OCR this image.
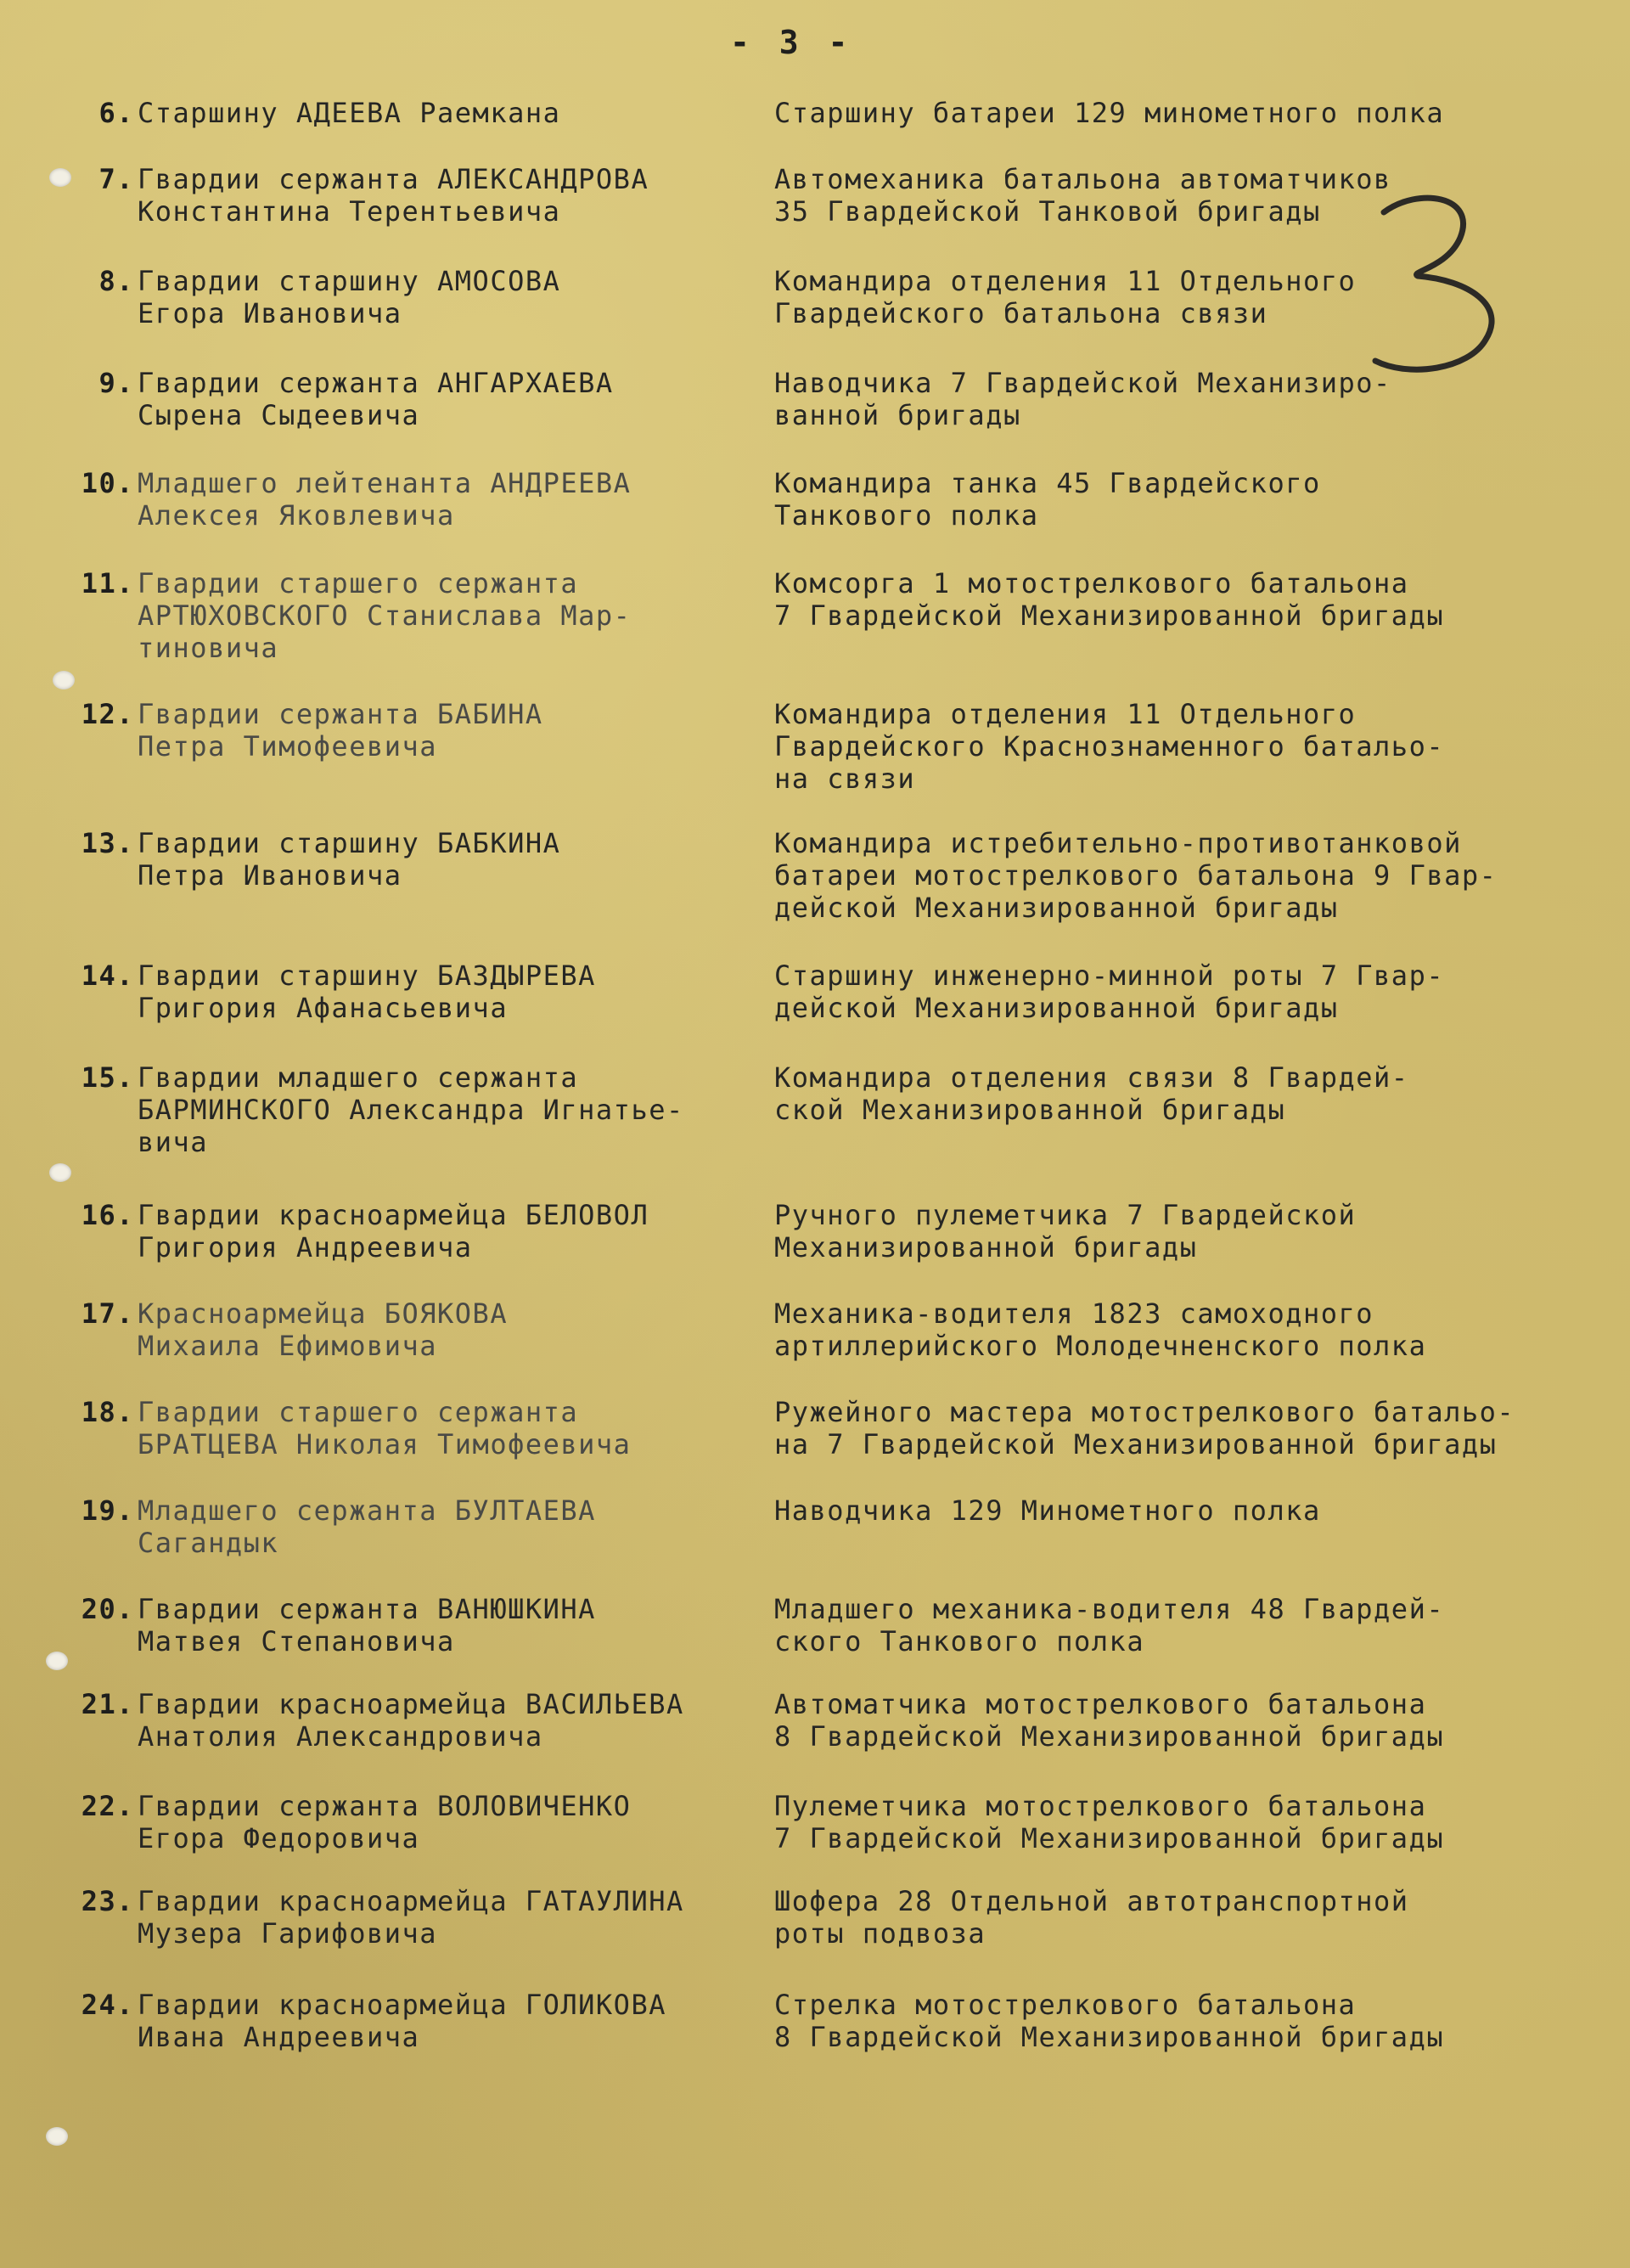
- 3 -
6. Старшину АДЕЕВА Раемкана	Старшину батареи 129 минометного полка
7. Гвардии сержанта АЛЕКСАНДРОВА
Константина Терентьевича
Автомеханика батальона автоматчиков
35 Гвардейской Танковой бригады
8. Гвардии старшину АМОСОВА
Егора Ивановича
Командира отделения 11 Отдельного
Гвардейского батальона связи
9. Гвардии сержанта АНГАРХАЕВА
Сырена Сыдеевича
Наводчика 7 Гвардейской Механизиро-
ванной бригады
10. Младшего лейтенанта АНДРЕЕВА
Алексея Яковлевича
Командира танка 45 Гвардейского
Танкового полка
11. Гвардии старшего сержанта
АРТЮХОВСКОГО Станислава Мар-
тиновича
Комсорга 1 мотострелкового батальона
7 Гвардейской Механизированной бригады
12. Гвардии сержанта БАБИНА
Петра Тимофеевича
Командира отделения 11 Отдельного
Гвардейского Краснознаменного батальо-
на связи
13. Гвардии старшину БАБКИНА
Петра Ивановича
Командира истребительно-противотанковой
батареи мотострелкового батальона 9 Гвар-
дейской Механизированной бригады
14. Гвардии старшину БАЗДЫРЕВА
Григория Афанасьевича
Старшину инженерно-минной роты 7 Гвар-
дейской Механизированной бригады
15. Гвардии младшего сержанта
БАРМИНСКОГО Александра Игнатье-
вича
Командира отделения связи 8 Гвардей-
ской Механизированной бригады
16. Гвардии красноармейца БЕЛОВОЛ
Григория Андреевича
Ручного пулеметчика 7 Гвардейской
Механизированной бригады
17. Красноармейца БОЯКОВА
Михаила Ефимовича
Механика-водителя 1823 самоходного
артиллерийского Молодечненского полка
18. Гвардии старшего сержанта
БРАТЦЕВА Николая Тимофеевича
Ружейного мастера мотострелкового батальо-
на 7 Гвардейской Механизированной бригады
19. Младшего сержанта БУЛТАЕВА
Сагандык
Наводчика 129 Минометного полка
20. Гвардии сержанта ВАНЮШКИНА
Матвея Степановича
Младшего механика-водителя 48 Гвардей-
ского Танкового полка
21. Гвардии красноармейца ВАСИЛЬЕВА
Анатолия Александровича
Автоматчика мотострелкового батальона
8 Гвардейской Механизированной бригады
22. Гвардии сержанта ВОЛОВИЧЕНКО
Егора Федоровича
Пулеметчика мотострелкового батальона
7 Гвардейской Механизированной бригады
23. Гвардии красноармейца ГАТАУЛИНА
Музера Гарифовича
Шофера 28 Отдельной автотранспортной
роты подвоза
24. Гвардии красноармейца ГОЛИКОВА
Ивана Андреевича
Стрелка мотострелкового батальона
8 Гвардейской Механизированной бригады
